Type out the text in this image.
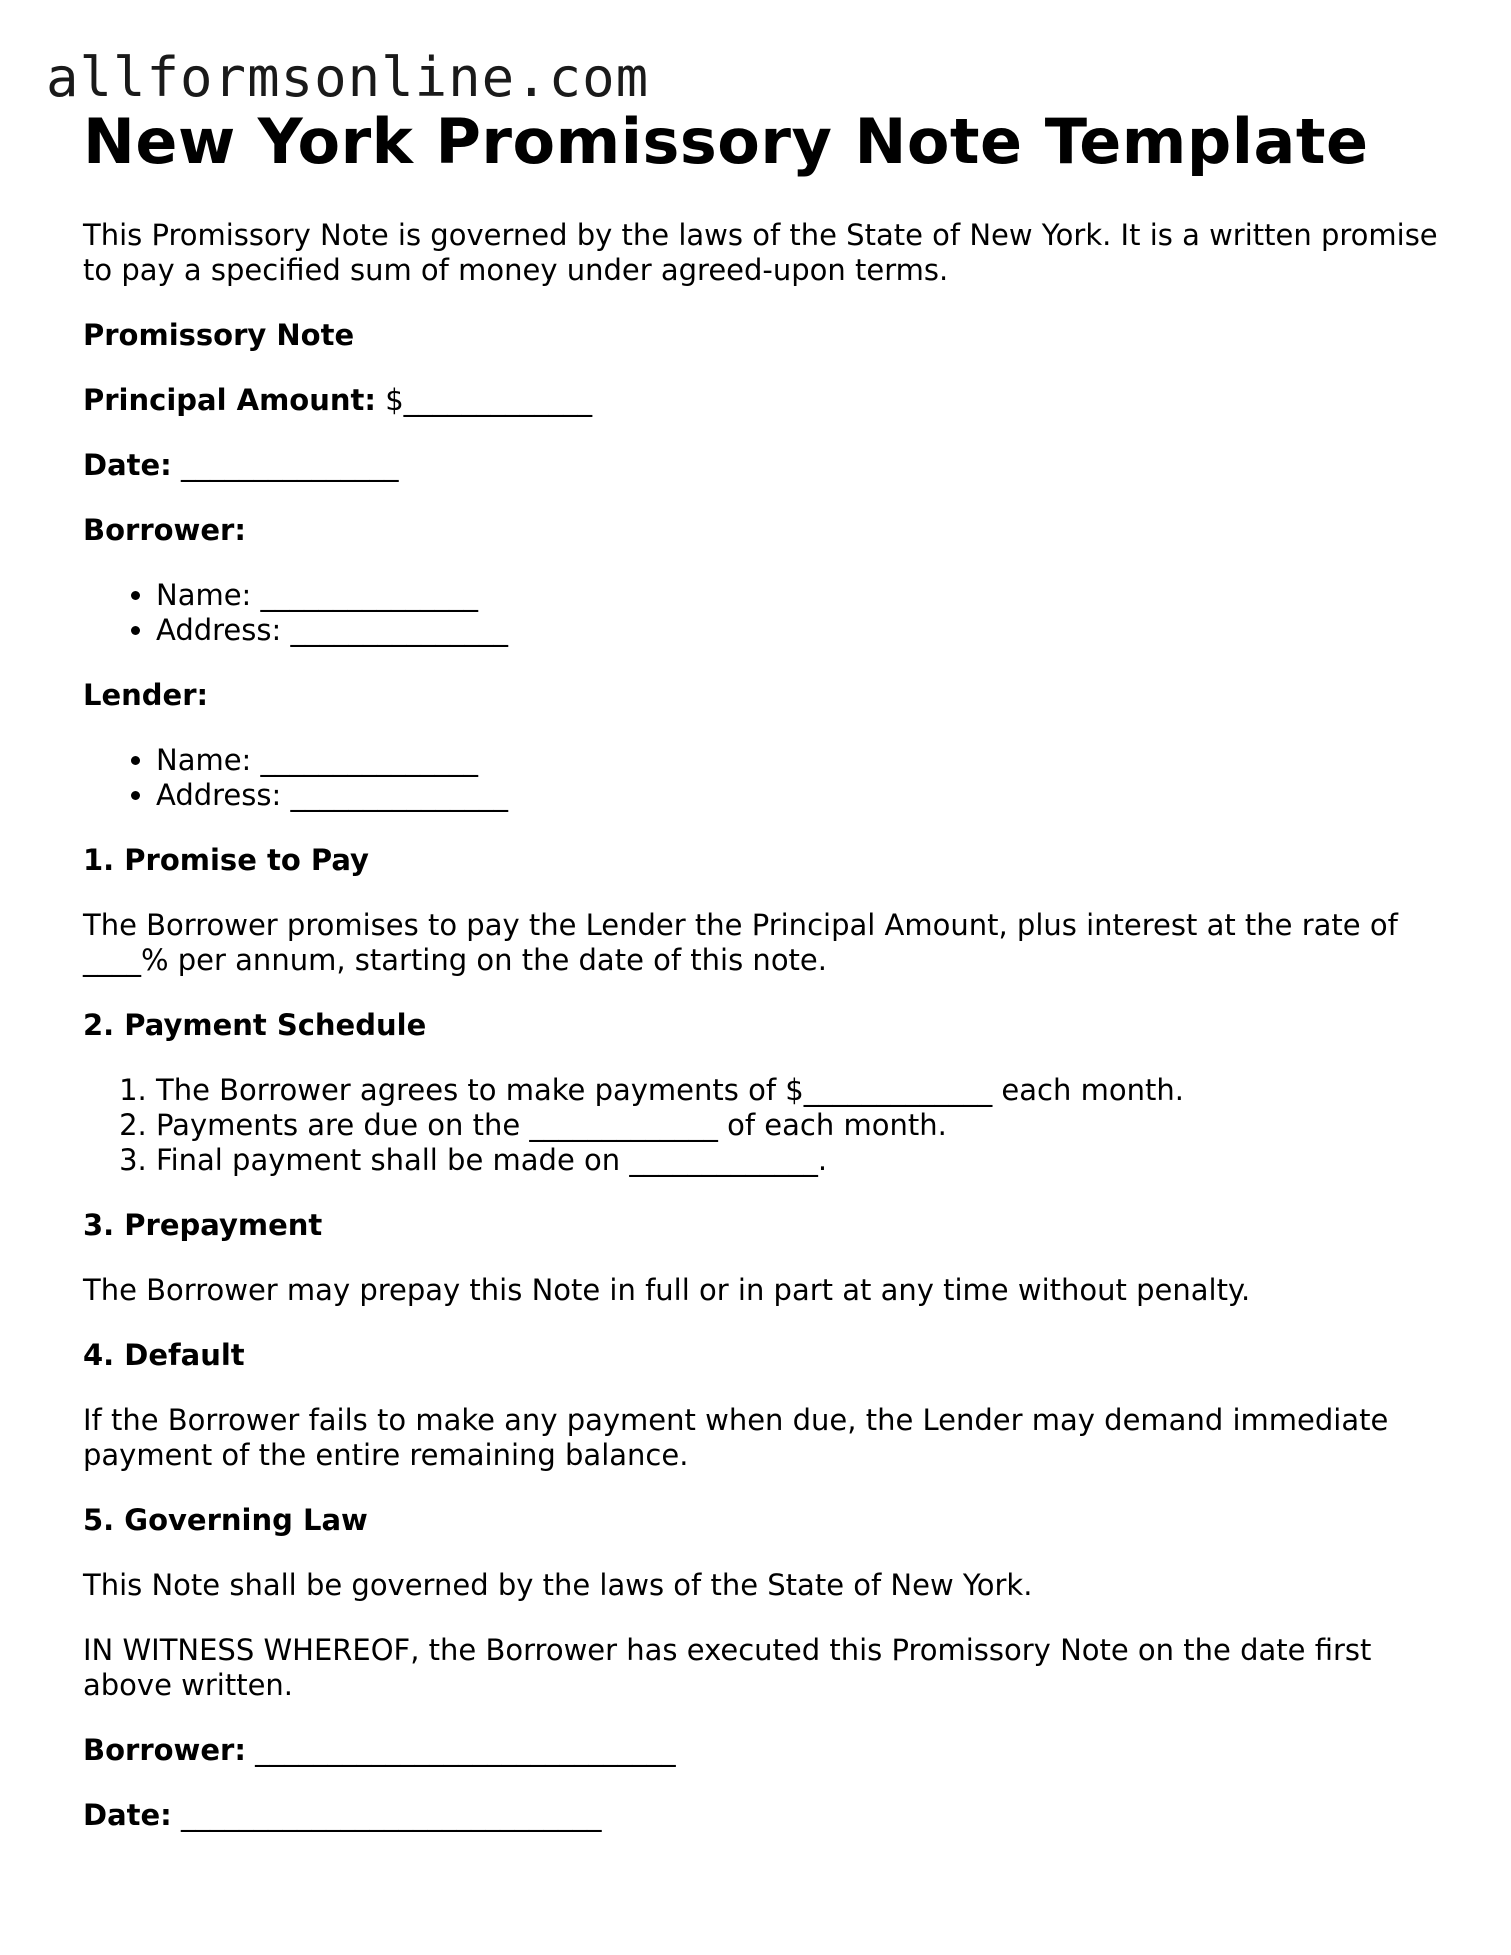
allformsonline.com
New York Promissory Note Template

This Promissory Note is governed by the laws of the State of New York. It is a written promise to pay a specified sum of money under agreed-upon terms.

Promissory Note

Principal Amount: $_____________

Date: _______________

Borrower:

• Name: _______________
• Address: _______________

Lender:

• Name: _______________
• Address: _______________

1. Promise to Pay

The Borrower promises to pay the Lender the Principal Amount, plus interest at the rate of ____% per annum, starting on the date of this note.

2. Payment Schedule

1. The Borrower agrees to make payments of $_____________ each month.
2. Payments are due on the _____________ of each month.
3. Final payment shall be made on _____________.

3. Prepayment

The Borrower may prepay this Note in full or in part at any time without penalty.

4. Default

If the Borrower fails to make any payment when due, the Lender may demand immediate payment of the entire remaining balance.

5. Governing Law

This Note shall be governed by the laws of the State of New York.

IN WITNESS WHEREOF, the Borrower has executed this Promissory Note on the date first above written.

Borrower: _____________________________

Date: _____________________________
